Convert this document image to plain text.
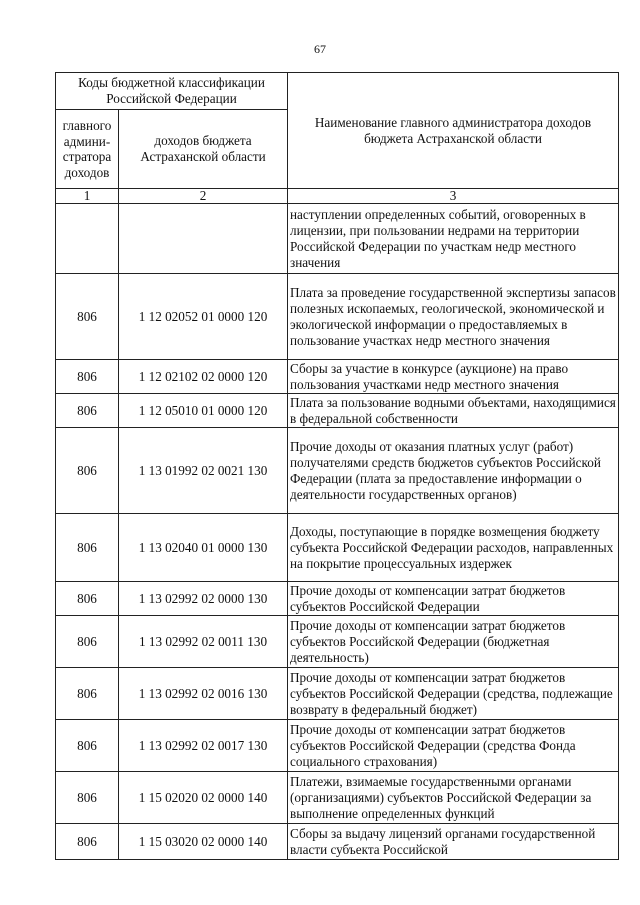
67
Коды бюджетной классификации Российской Федерации		Наименование главного администратора доходов бюджета Астраханской области
главного админи-стратора доходов	доходов бюджета Астраханской области	
1	2	3
		наступлении определенных событий, оговоренных в лицензии, при пользовании недрами на территории Российской Федерации по участкам недр местного значения
806	1 12 02052 01 0000 120	Плата за проведение государственной экспертизы запасов полезных ископаемых, геологической, экономической и экологической информации о предоставляемых в пользование участках недр местного значения
806	1 12 02102 02 0000 120	Сборы за участие в конкурсе (аукционе) на право пользования участками недр местного значения
806	1 12 05010 01 0000 120	Плата за пользование водными объектами, находящимися в федеральной собственности
806	1 13 01992 02 0021 130	Прочие доходы от оказания платных услуг (работ) получателями средств бюджетов субъектов Российской Федерации (плата за предоставление информации о деятельности государственных органов)
806	1 13 02040 01 0000 130	Доходы, поступающие в порядке возмещения бюджету субъекта Российской Федерации расходов, направленных на покрытие процессуальных издержек
806	1 13 02992 02 0000 130	Прочие доходы от компенсации затрат бюджетов субъектов Российской Федерации
806	1 13 02992 02 0011 130	Прочие доходы от компенсации затрат бюджетов субъектов Российской Федерации (бюджетная деятельность)
806	1 13 02992 02 0016 130	Прочие доходы от компенсации затрат бюджетов субъектов Российской Федерации (средства, подлежащие возврату в федеральный бюджет)
806	1 13 02992 02 0017 130	Прочие доходы от компенсации затрат бюджетов субъектов Российской Федерации (средства Фонда социального страхования)
806	1 15 02020 02 0000 140	Платежи, взимаемые государственными органами (организациями) субъектов Российской Федерации за выполнение определенных функций
806	1 15 03020 02 0000 140	Сборы за выдачу лицензий органами государственной власти субъекта Российской
